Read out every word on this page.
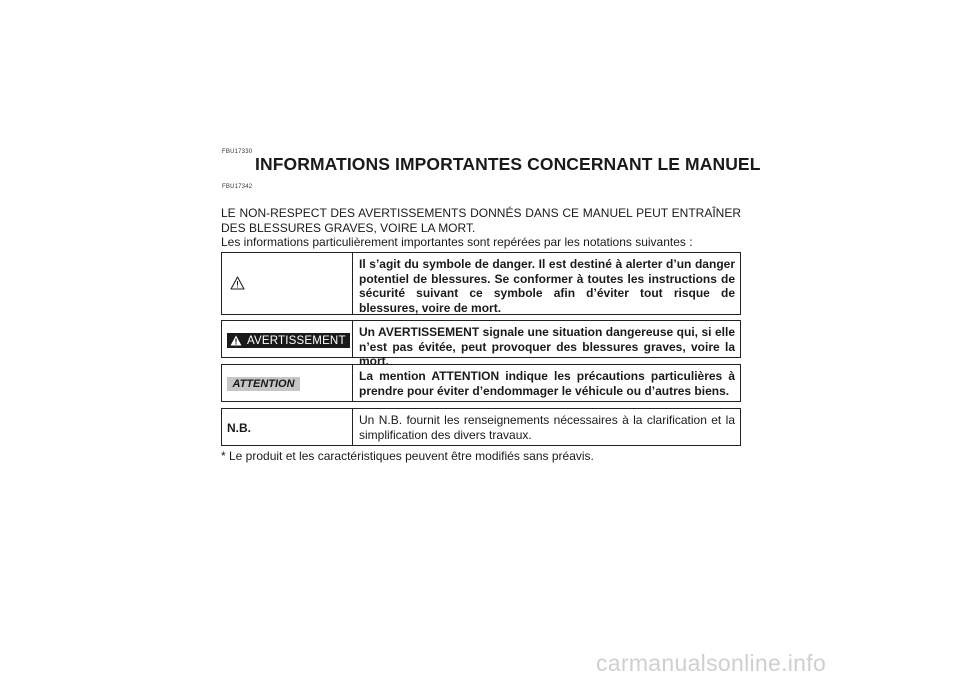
FBU17330
INFORMATIONS IMPORTANTES CONCERNANT LE MANUEL
FBU17342
LE NON-RESPECT DES AVERTISSEMENTS DONNÉS DANS CE MANUEL PEUT ENTRAÎNER DES BLESSURES GRAVES, VOIRE LA MORT.
Les informations particulièrement importantes sont repérées par les notations suivantes :
Il s’agit du symbole de danger. Il est destiné à alerter d’un danger potentiel de blessures. Se conformer à toutes les instructions de sécurité suivant ce symbole afin d’éviter tout risque de blessures, voire de mort.
AVERTISSEMENT
Un AVERTISSEMENT signale une situation dangereuse qui, si elle n’est pas évitée, peut provoquer des blessures graves, voire la mort.
ATTENTION
La mention ATTENTION indique les précautions particulières à prendre pour éviter d’endommager le véhicule ou d’autres biens.
N.B.
Un N.B. fournit les renseignements nécessaires à la clarification et la simplification des divers travaux.
* Le produit et les caractéristiques peuvent être modifiés sans préavis.
carmanualsonline.info
